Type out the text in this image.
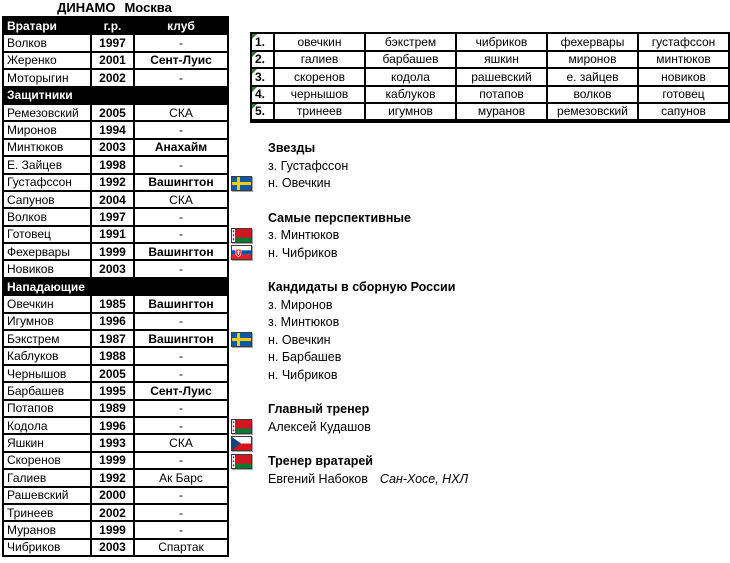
ДИНАМО Москва
Вратари	г.р.	клуб
Волков	1997	-
Жеренко	2001	Сент-Луис
Моторыгин	2002	-
Защитники		
Ремезовский	2005	СКА
Миронов	1994	-
Минтюков	2003	Анахайм
Е. Зайцев	1998	-
Густафссон	1992	Вашингтон

Сапунов	2004	СКА
Волков	1997	-
Готовец	1991	-

Фехервары	1999	Вашингтон

Новиков	2003	-
Нападающие		
Овечкин	1985	Вашингтон
Игумнов	1996	-
Бэкстрем	1987	Вашингтон

Каблуков	1988	-
Чернышов	2005	-
Барбашев	1995	Сент-Луис
Потапов	1989	-
Кодола	1996	-

Яшкин	1993	СКА

Скоренов	1999	-

Галиев	1992	Ак Барс
Рашевский	2000	-
Тринеев	2002	-
Муранов	1999	-
Чибриков	2003	Спартак
1.	овечкин	бэкстрем	чибриков	фехервары	густафссон
2.	галиев	барбашев	яшкин	миронов	минтюков
3.	скоренов	кодола	рашевский	е. зайцев	новиков
4.	чернышов	каблуков	потапов	волков	готовец
5.	тринеев	игумнов	муранов	ремезовский	сапунов
Звезды
з. Густафссон
н. Овечкин
Самые перспективные
з. Минтюков
н. Чибриков
Кандидаты в сборную России
з. Миронов
з. Минтюков
н. Овечкин
н. Барбашев
н. Чибриков
Главный тренер
Алексей Кудашов
Тренер вратарей
Евгений Набоков Сан-Хосе, НХЛ
